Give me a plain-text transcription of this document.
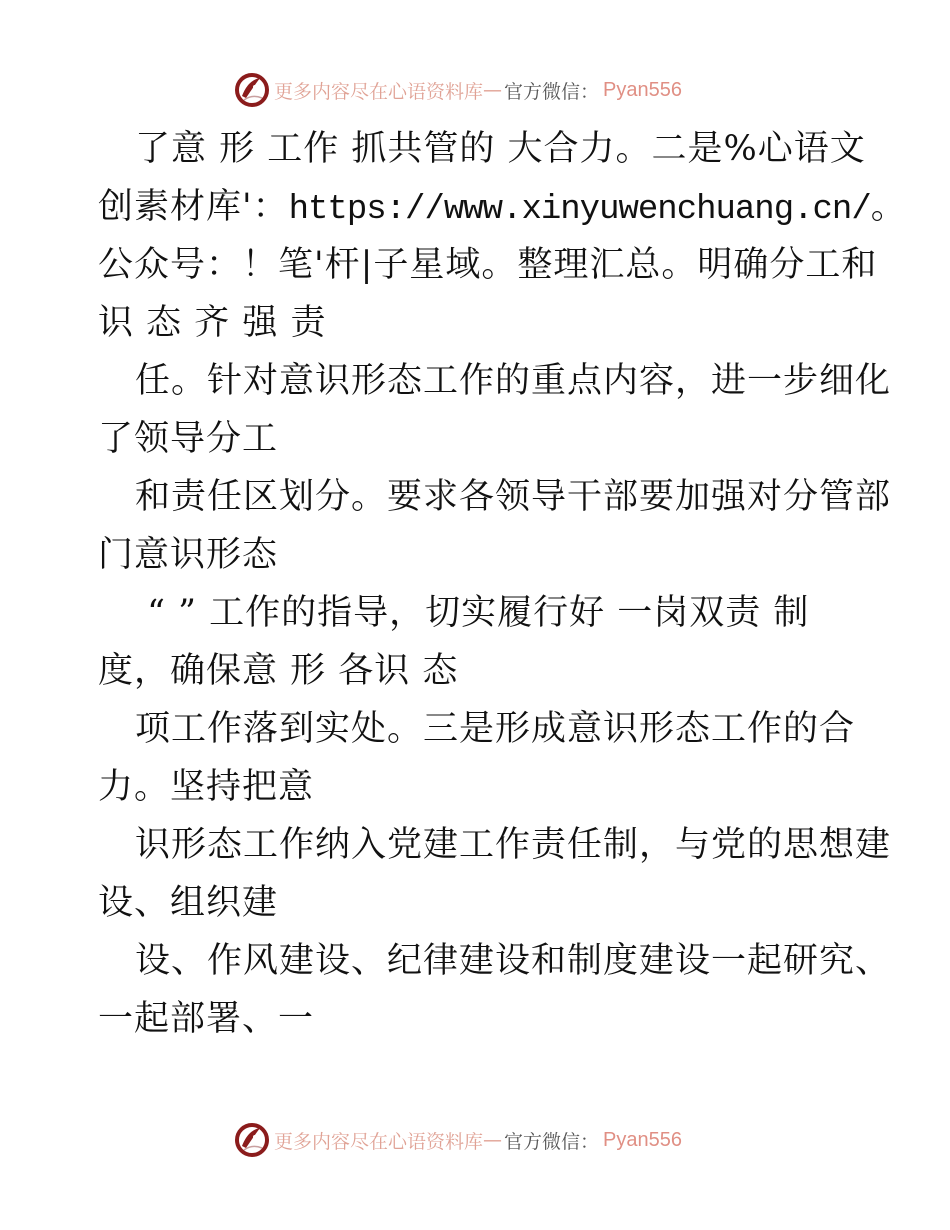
更多内容尽在心语资料库 — 官方微信： Pyan556
了意 形 工作 抓共管的 大合力。二是%心语文
创素材库'：https://www.xinyuwenchuang.cn/。
公众号：！笔'杆|子星域。整理汇总。明确分工和
识 态 齐 强 责
任。针对意识形态工作的重点内容，进一步细化
了领导分工
和责任区划分。要求各领导干部要加强对分管部
门意识形态
“ ” 工作的指导，切实履行好 一岗双责 制
度，确保意 形 各识 态
项工作落到实处。三是形成意识形态工作的合
力。坚持把意
识形态工作纳入党建工作责任制，与党的思想建
设、组织建
设、作风建设、纪律建设和制度建设一起研究、
一起部署、一
更多内容尽在心语资料库 — 官方微信： Pyan556
